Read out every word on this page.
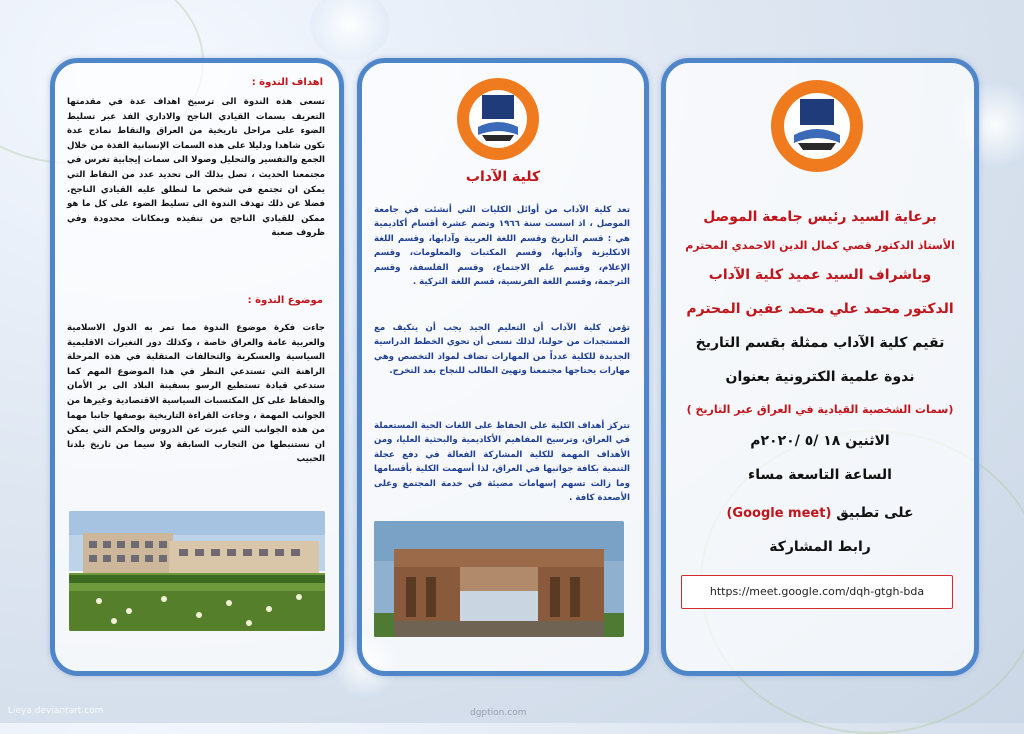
اهداف الندوة :
تسعى هذه الندوة الى ترسيخ اهداف عدة في مقدمتها التعريف بسمات القيادي الناجح والاداري الفذ عبر تسليط الضوء على مراحل تاريخية من العراق والتقاط نماذج عدة تكون شاهدا ودليلا على هذه السمات الإنسانية الفذة من خلال الجمع والتفسير والتحليل وصولا الى سمات إيجابية تغرس في مجتمعنا الحديث ، تصل بذلك الى تحديد عدد من النقاط التي يمكن ان تجتمع في شخص ما لنطلق عليه القيادي الناجح. فضلا عن ذلك تهدف الندوة الى تسليط الضوء على كل ما هو ممكن للقيادي الناجح من تنفيذه وبمكانات محدودة وفي ظروف صعبة
موضوع الندوة :
جاءت فكرة موضوع الندوة مما تمر به الدول الاسلامية والعربية عامة والعراق خاصة ، وكذلك دور التغيرات الاقليمية السياسية والعسكرية والتحالفات المتقلبة في هذه المرحلة الراهنة التي تستدعي النظر في هذا الموضوع المهم كما ستدعي قيادة تستطيع الرسو بسفينة البلاد الى بر الأمان والحفاظ على كل المكتسبات السياسية الاقتصادية وغيرها من الجوانب المهمة ، وجاءت القراءة التاريخية بوصفها جانبا مهما من هذه الجوانب التي عبرت عن الدروس والحكم التي يمكن ان نستنبطها من التجارب السابقة ولا سيما من تاريخ بلدنا الحبيب
كلية الآداب
تعد كلية الآداب من أوائل الكليات التي أنشئت في جامعة الموصل ، اذ اسست سنة ١٩٦٦ وتضم عشرة أقسام أكاديمية هي : قسم التاريخ وقسم اللغة العربية وآدابها، وقسم اللغة الانكليزية وآدابها، وقسم المكتبات والمعلومات، وقسم الإعلام، وقسم علم الاجتماع، وقسم الفلسفة، وقسم الترجمة، وقسم اللغة الفرنسية، قسم اللغة التركية .
تؤمن كلية الآداب أن التعليم الجيد يجب أن يتكيف مع المستجدات من حولنا، لذلك نسعى أن تحوي الخطط الدراسية الجديدة للكلية عدداً من المهارات تضاف لمواد التخصص وهي مهارات يحتاجها مجتمعنا وتهيئ الطالب للنجاح بعد التخرج.
تتركز أهداف الكلية على الحفاظ على اللغات الحية المستعملة في العراق، وترسيخ المفاهيم الأكاديمية والبحثية العليا، ومن الأهداف المهمة للكلية المشاركة الفعالة في دفع عجلة التنمية بكافة جوانبها في العراق، لذا أسهمت الكلية بأقسامها وما زالت تسهم إسهامات مضيئة في خدمة المجتمع وعلى الأصعدة كافة .
برعاية السيد رئيس جامعة الموصل
الأستاذ الدكتور قصي كمال الدين الاحمدي المحترم
وباشراف السيد عميد كلية الآداب
الدكتور محمد علي محمد عفين المحترم
تقيم كلية الآداب ممثلة بقسم التاريخ
ندوة علمية الكترونية بعنوان
(سمات الشخصية القيادية في العراق عبر التاريخ )
الاثنين ١٨ /٥ /٢٠٢٠م
الساعة التاسعة مساء
على تطبيق (Google meet)
رابط المشاركة
https://meet.google.com/dqh-gtgh-bda
Lieya.deviantart.com	dgption.com
